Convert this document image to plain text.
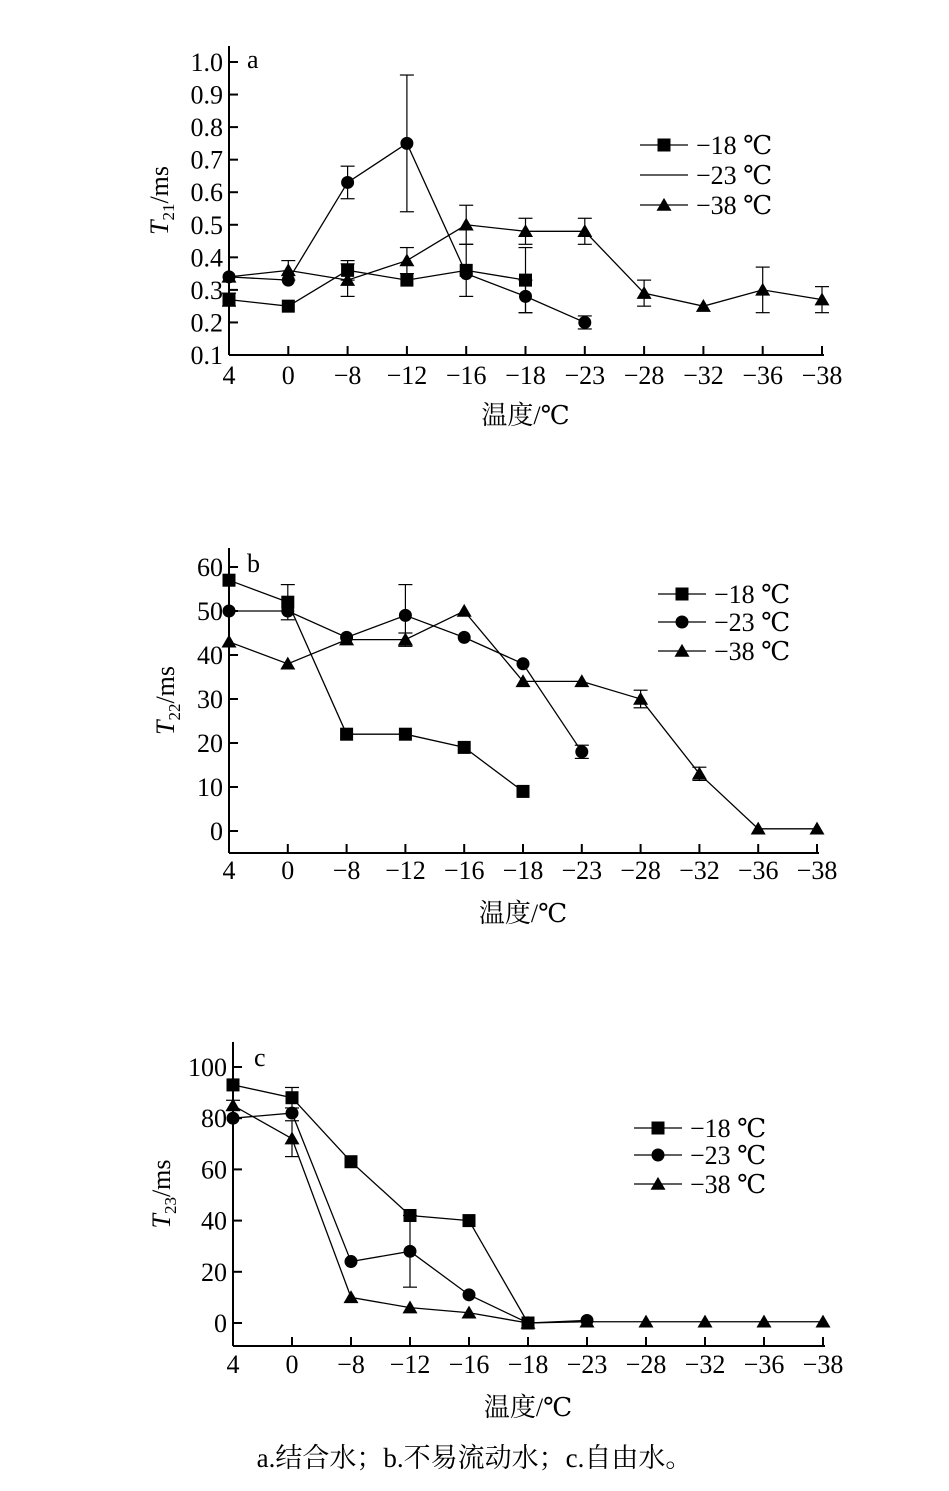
0.1
0.2
0.3
0.4
0.5
0.6
0.7
0.8
0.9
1.0
4 0 −8 −12 −16 −18 −23 −28 −32 −36 −38
温度/℃
$T_{21}/ms$
a
−18 ℃
−23 ℃
−38 ℃
0
10
20
30
40
50
60
4 0 −8 −12 −16 −18 −23 −28 −32 −36 −38
温度/℃
$T_{22}/ms$
b
−18 ℃
−23 ℃
−38 ℃
0
20
40
60
80
100
4 0 −8 −12 −16 −18 −23 −28 −32 −36 −38
温度/℃
$T_{23}/ms$
c
−18 ℃
−23 ℃
−38 ℃
a.结合水；b.不易流动水；c.自由水。
